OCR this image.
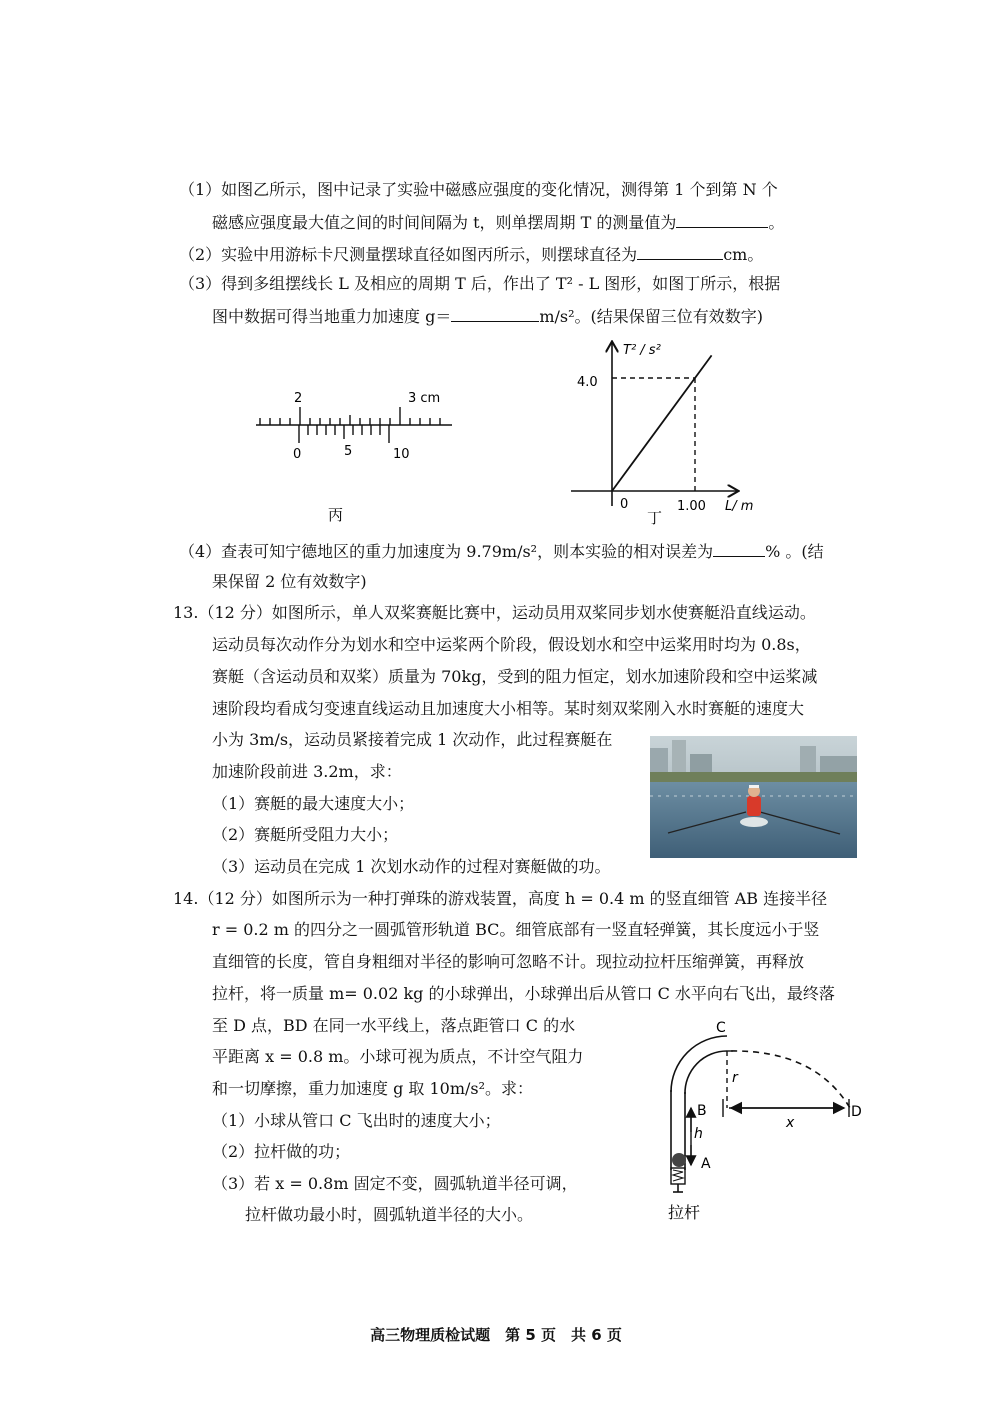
（1）如图乙所示，图中记录了实验中磁感应强度的变化情况，测得第 1 个到第 N 个
磁感应强度最大值之间的时间间隔为 t，则单摆周期 T 的测量值为	。
（2）实验中用游标卡尺测量摆球直径如图丙所示，则摆球直径为	cm。
（3）得到多组摆线长 L 及相应的周期 T 后，作出了 T² - L 图形，如图丁所示，根据
图中数据可得当地重力加速度 g＝	m/s²。(结果保留三位有效数字)
2	3 cm
0	5	10
丙
T² / s²
4.0
1.00 L/ m
0
丁
（4）查表可知宁德地区的重力加速度为 9.79m/s²，则本实验的相对误差为	% 。(结
果保留 2 位有效数字)
13.（12 分）如图所示，单人双桨赛艇比赛中，运动员用双桨同步划水使赛艇沿直线运动。
运动员每次动作分为划水和空中运桨两个阶段，假设划水和空中运桨用时均为 0.8s，
赛艇（含运动员和双桨）质量为 70kg，受到的阻力恒定，划水加速阶段和空中运桨减
速阶段均看成匀变速直线运动且加速度大小相等。某时刻双桨刚入水时赛艇的速度大
小为 3m/s，运动员紧接着完成 1 次动作，此过程赛艇在
加速阶段前进 3.2m，求：
（1）赛艇的最大速度大小；
（2）赛艇所受阻力大小；
（3）运动员在完成 1 次划水动作的过程对赛艇做的功。
14.（12 分）如图所示为一种打弹珠的游戏装置，高度 h = 0.4 m 的竖直细管 AB 连接半径
r = 0.2 m 的四分之一圆弧管形轨道 BC。细管底部有一竖直轻弹簧，其长度远小于竖
直细管的长度，管自身粗细对半径的影响可忽略不计。现拉动拉杆压缩弹簧，再释放
拉杆，将一质量 m= 0.02 kg 的小球弹出，小球弹出后从管口 C 水平向右飞出，最终落
至 D 点，BD 在同一水平线上，落点距管口 C 的水
平距离 x = 0.8 m。小球可视为质点，不计空气阻力
和一切摩擦，重力加速度 g 取 10m/s²。求：
（1）小球从管口 C 飞出时的速度大小；
（2）拉杆做的功；
（3）若 x = 0.8m 固定不变，圆弧轨道半径可调，
拉杆做功最小时，圆弧轨道半径的大小。
C
r
B	D
x
h
A
拉杆
高三物理质检试题　第 5 页　共 6 页
